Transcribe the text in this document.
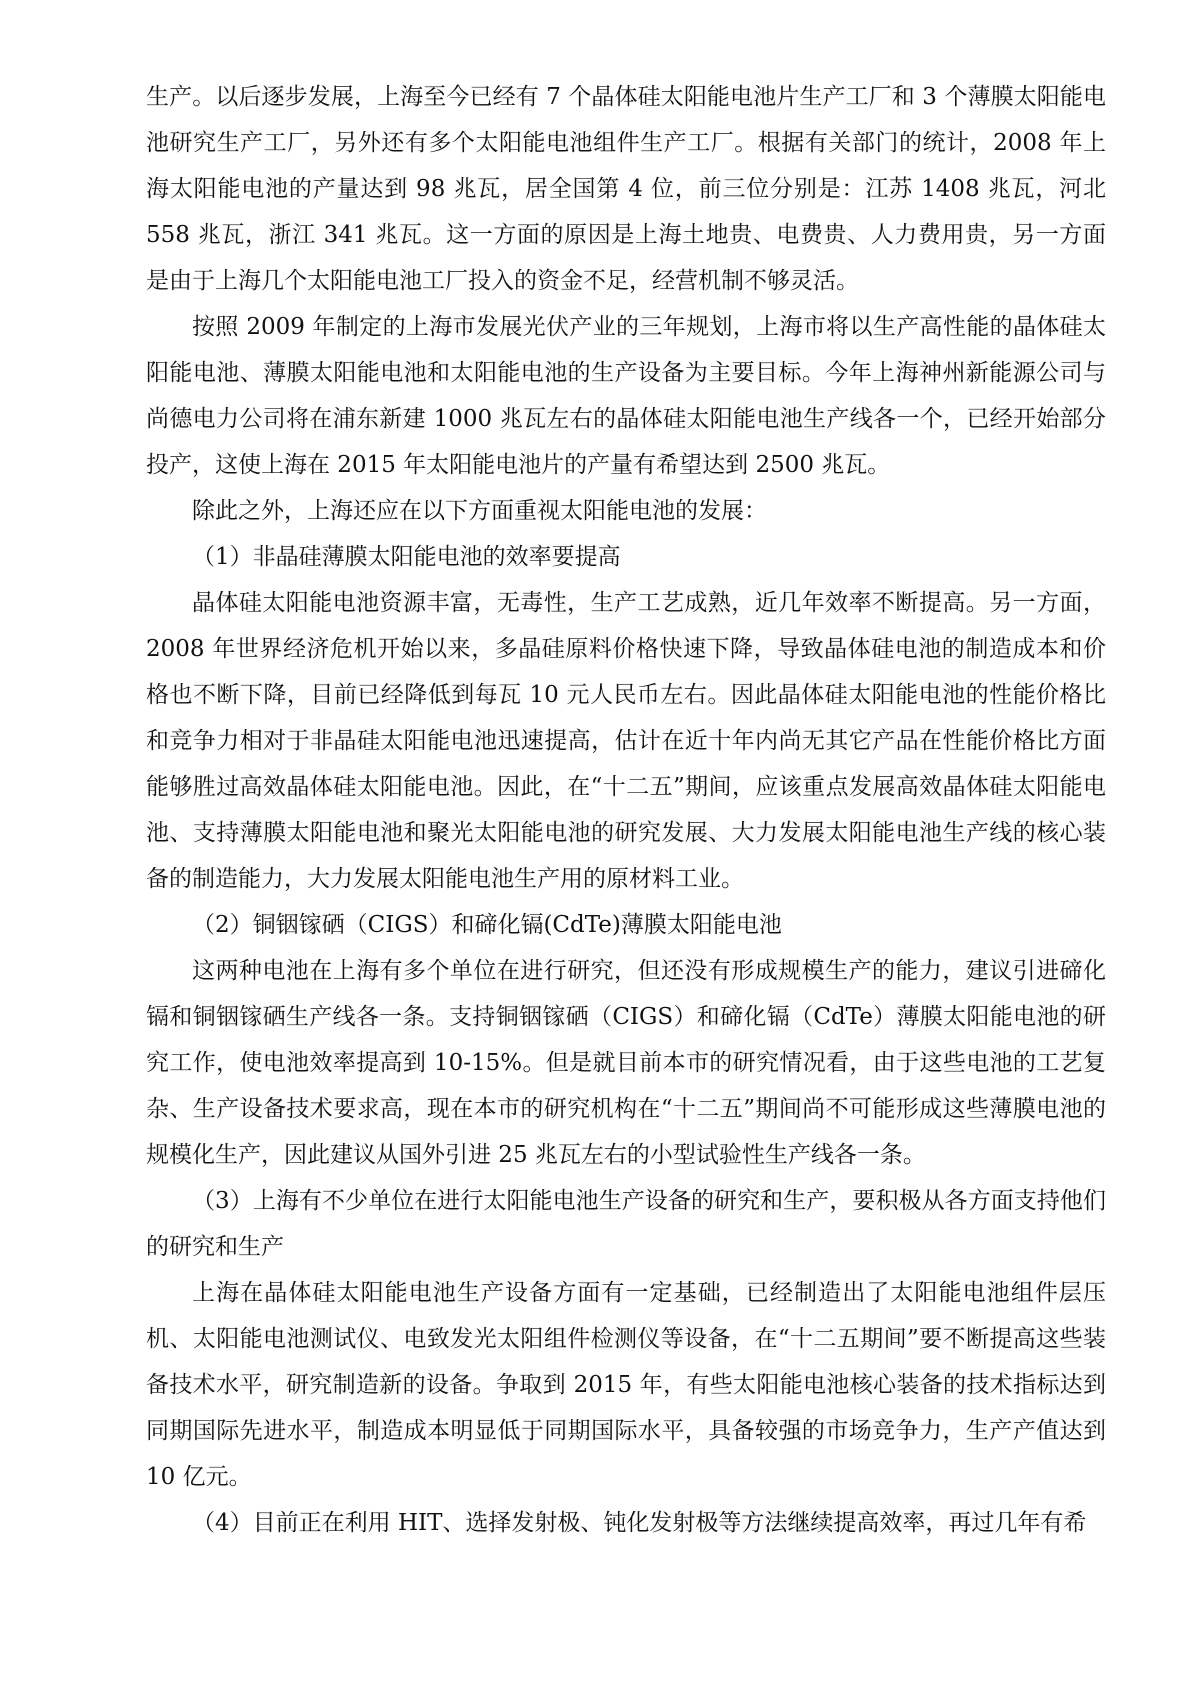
生产。以后逐步发展，上海至今已经有 7 个晶体硅太阳能电池片生产工厂和 3 个薄膜太阳能电池研究生产工厂，另外还有多个太阳能电池组件生产工厂。根据有关部门的统计，2008 年上海太阳能电池的产量达到 98 兆瓦，居全国第 4 位，前三位分别是：江苏 1408 兆瓦，河北 558 兆瓦，浙江 341 兆瓦。这一方面的原因是上海土地贵、电费贵、人力费用贵，另一方面是由于上海几个太阳能电池工厂投入的资金不足，经营机制不够灵活。

按照 2009 年制定的上海市发展光伏产业的三年规划，上海市将以生产高性能的晶体硅太阳能电池、薄膜太阳能电池和太阳能电池的生产设备为主要目标。今年上海神州新能源公司与尚德电力公司将在浦东新建 1000 兆瓦左右的晶体硅太阳能电池生产线各一个，已经开始部分投产，这使上海在 2015 年太阳能电池片的产量有希望达到 2500 兆瓦。

除此之外，上海还应在以下方面重视太阳能电池的发展：

（1）非晶硅薄膜太阳能电池的效率要提高

晶体硅太阳能电池资源丰富，无毒性，生产工艺成熟，近几年效率不断提高。另一方面，2008 年世界经济危机开始以来，多晶硅原料价格快速下降，导致晶体硅电池的制造成本和价格也不断下降，目前已经降低到每瓦 10 元人民币左右。因此晶体硅太阳能电池的性能价格比和竞争力相对于非晶硅太阳能电池迅速提高，估计在近十年内尚无其它产品在性能价格比方面能够胜过高效晶体硅太阳能电池。因此，在“十二五”期间，应该重点发展高效晶体硅太阳能电池、支持薄膜太阳能电池和聚光太阳能电池的研究发展、大力发展太阳能电池生产线的核心装备的制造能力，大力发展太阳能电池生产用的原材料工业。

（2）铜铟镓硒（CIGS）和碲化镉(CdTe)薄膜太阳能电池

这两种电池在上海有多个单位在进行研究，但还没有形成规模生产的能力，建议引进碲化镉和铜铟镓硒生产线各一条。支持铜铟镓硒（CIGS）和碲化镉（CdTe）薄膜太阳能电池的研究工作，使电池效率提高到 10-15%。但是就目前本市的研究情况看，由于这些电池的工艺复杂、生产设备技术要求高，现在本市的研究机构在“十二五”期间尚不可能形成这些薄膜电池的规模化生产，因此建议从国外引进 25 兆瓦左右的小型试验性生产线各一条。

（3）上海有不少单位在进行太阳能电池生产设备的研究和生产，要积极从各方面支持他们的研究和生产

上海在晶体硅太阳能电池生产设备方面有一定基础，已经制造出了太阳能电池组件层压机、太阳能电池测试仪、电致发光太阳组件检测仪等设备，在“十二五期间”要不断提高这些装备技术水平，研究制造新的设备。争取到 2015 年，有些太阳能电池核心装备的技术指标达到同期国际先进水平，制造成本明显低于同期国际水平，具备较强的市场竞争力，生产产值达到 10 亿元。

（4）目前正在利用 HIT、选择发射极、钝化发射极等方法继续提高效率，再过几年有希
